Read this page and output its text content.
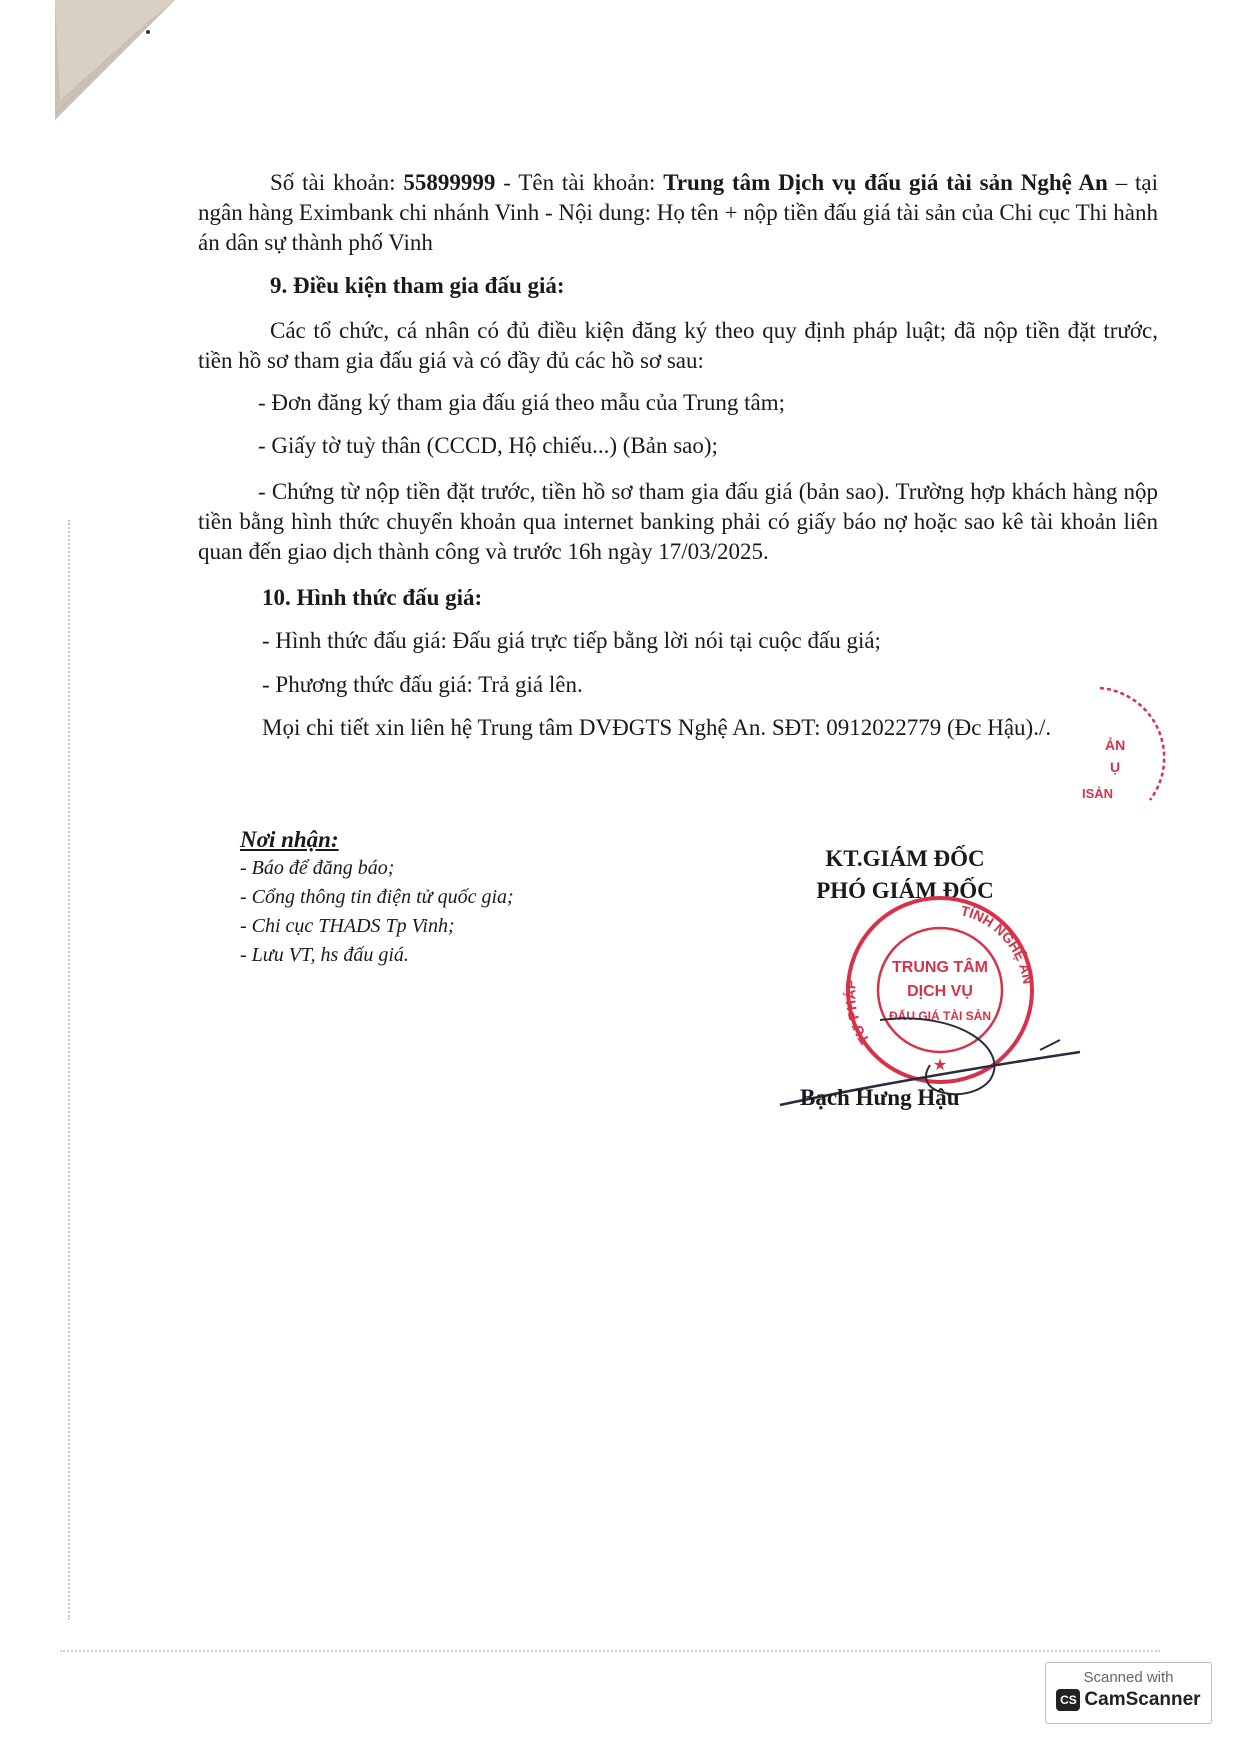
Số tài khoản: 55899999 - Tên tài khoản: Trung tâm Dịch vụ đấu giá tài sản Nghệ An – tại ngân hàng Eximbank chi nhánh Vinh - Nội dung: Họ tên + nộp tiền đấu giá tài sản của Chi cục Thi hành án dân sự thành phố Vinh
9. Điều kiện tham gia đấu giá:
Các tổ chức, cá nhân có đủ điều kiện đăng ký theo quy định pháp luật; đã nộp tiền đặt trước, tiền hồ sơ tham gia đấu giá và có đầy đủ các hồ sơ sau:
- Đơn đăng ký tham gia đấu giá theo mẫu của Trung tâm;
- Giấy tờ tuỳ thân (CCCD, Hộ chiếu...) (Bản sao);
- Chứng từ nộp tiền đặt trước, tiền hồ sơ tham gia đấu giá (bản sao). Trường hợp khách hàng nộp tiền bằng hình thức chuyển khoản qua internet banking phải có giấy báo nợ hoặc sao kê tài khoản liên quan đến giao dịch thành công và trước 16h ngày 17/03/2025.
10. Hình thức đấu giá:
- Hình thức đấu giá: Đấu giá trực tiếp bằng lời nói tại cuộc đấu giá;
- Phương thức đấu giá: Trả giá lên.
Mọi chi tiết xin liên hệ Trung tâm DVĐGTS Nghệ An. SĐT: 0912022779 (Đc Hậu)./.
ẢN
Ụ
ISẢN
Nơi nhận:
- Báo để đăng báo;
- Cổng thông tin điện tử quốc gia;
- Chi cục THADS Tp Vinh;
- Lưu VT, hs đấu giá.
KT.GIÁM ĐỐC
PHÓ GIÁM ĐỐC
TƯ PHÁP
TỈNH NGHỆ AN
TRUNG TÂM
DỊCH VỤ
ĐẤU GIÁ TÀI SẢN
★
Bạch Hưng Hậu
Scanned with
CS CamScanner
